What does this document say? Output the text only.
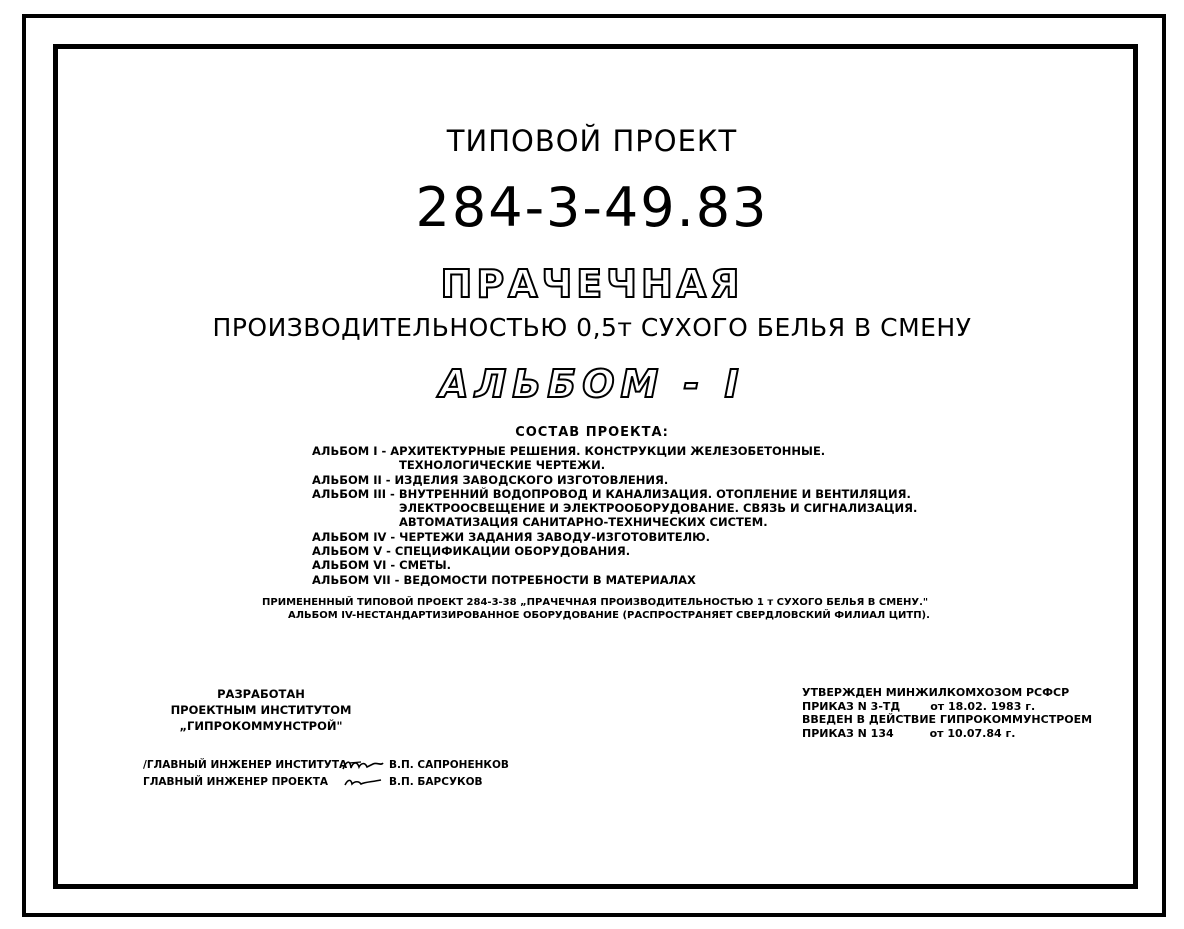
ТИПОВОЙ ПРОЕКТ
284-3-49.83
ПРАЧЕЧНАЯ
ПРОИЗВОДИТЕЛЬНОСТЬЮ 0,5т СУХОГО БЕЛЬЯ В СМЕНУ
АЛЬБОМ - I
СОСТАВ ПРОЕКТА:
АЛЬБОМ I - АРХИТЕКТУРНЫЕ РЕШЕНИЯ. КОНСТРУКЦИИ ЖЕЛЕЗОБЕТОННЫЕ.
ТЕХНОЛОГИЧЕСКИЕ ЧЕРТЕЖИ.
АЛЬБОМ II - ИЗДЕЛИЯ ЗАВОДСКОГО ИЗГОТОВЛЕНИЯ.
АЛЬБОМ III - ВНУТРЕННИЙ ВОДОПРОВОД И КАНАЛИЗАЦИЯ. ОТОПЛЕНИЕ И ВЕНТИЛЯЦИЯ.
ЭЛЕКТРООСВЕЩЕНИЕ И ЭЛЕКТРООБОРУДОВАНИЕ. СВЯЗЬ И СИГНАЛИЗАЦИЯ.
АВТОМАТИЗАЦИЯ САНИТАРНО-ТЕХНИЧЕСКИХ СИСТЕМ.
АЛЬБОМ IV - ЧЕРТЕЖИ ЗАДАНИЯ ЗАВОДУ-ИЗГОТОВИТЕЛЮ.
АЛЬБОМ V - СПЕЦИФИКАЦИИ ОБОРУДОВАНИЯ.
АЛЬБОМ VI - СМЕТЫ.
АЛЬБОМ VII - ВЕДОМОСТИ ПОТРЕБНОСТИ В МАТЕРИАЛАХ
ПРИМЕНЕННЫЙ ТИПОВОЙ ПРОЕКТ 284-3-38 „ПРАЧЕЧНАЯ ПРОИЗВОДИТЕЛЬНОСТЬЮ 1 т СУХОГО БЕЛЬЯ В СМЕНУ."
АЛЬБОМ IV-НЕСТАНДАРТИЗИРОВАННОЕ ОБОРУДОВАНИЕ (РАСПРОСТРАНЯЕТ СВЕРДЛОВСКИЙ ФИЛИАЛ ЦИТП).
РАЗРАБОТАН
ПРОЕКТНЫМ ИНСТИТУТОМ
„ГИПРОКОММУНСТРОЙ"
УТВЕРЖДЕН МИНЖИЛКОМХОЗОМ РСФСР
ПРИКАЗ N 3-ТД	от 18.02. 1983 г.
ВВЕДЕН В ДЕЙСТВИЕ ГИПРОКОММУНСТРОЕМ
ПРИКАЗ N 134	от 10.07.84 г.
/ГЛАВНЫЙ ИНЖЕНЕР ИНСТИТУТА	В.П. САПРОНЕНКОВ
ГЛАВНЫЙ ИНЖЕНЕР ПРОЕКТА	В.П. БАРСУКОВ
